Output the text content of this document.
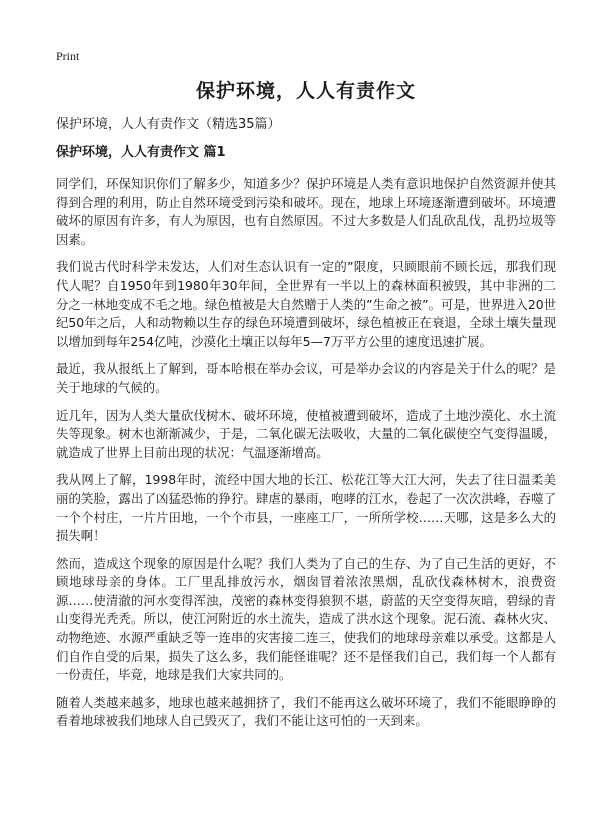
Print
保护环境，人人有责作文
保护环境，人人有责作文（精选35篇）
保护环境，人人有责作文 篇1

同学们，环保知识你们了解多少，知道多少？保护环境是人类有意识地保护自然资源并使其得到合理的利用，防止自然环境受到污染和破坏。现在，地球上环境逐渐遭到破坏。环境遭破坏的原因有许多，有人为原因，也有自然原因。不过大多数是人们乱砍乱伐，乱扔垃圾等因素。

我们说古代时科学未发达，人们对生态认识有一定的”限度，只顾眼前不顾长远，那我们现代人呢？自1950年到1980年30年间，全世界有一半以上的森林面积被毁，其中非洲的二分之一林地变成不毛之地。绿色植被是大自然赠于人类的”生命之被”。可是，世界进入20世纪50年之后，人和动物赖以生存的绿色环境遭到破坏，绿色植被正在衰退，全球土壤失量现以增加到每年254亿吨，沙漠化土壤正以每年5—7万平方公里的速度迅速扩展。

最近，我从报纸上了解到，哥本哈根在举办会议，可是举办会议的内容是关于什么的呢？是关于地球的气候的。

近几年，因为人类大量砍伐树木、破坏环境，使植被遭到破坏，造成了土地沙漠化、水土流失等现象。树木也渐渐减少，于是，二氧化碳无法吸收，大量的二氧化碳使空气变得温暖，就造成了世界上目前出现的状况：气温逐渐增高。

我从网上了解，1998年时，流经中国大地的长江、松花江等大江大河，失去了往日温柔美丽的笑脸，露出了凶猛恐怖的狰狞。肆虐的暴雨，咆哮的江水，卷起了一次次洪峰，吞噬了一个个村庄，一片片田地，一个个市县，一座座工厂，一所所学校……天哪，这是多么大的损失啊！

然而，造成这个现象的原因是什么呢？我们人类为了自己的生存、为了自己生活的更好，不顾地球母亲的身体。工厂里乱排放污水，烟囱冒着浓浓黑烟，乱砍伐森林树木，浪费资源……使清澈的河水变得浑浊，茂密的森林变得狼狈不堪，蔚蓝的天空变得灰暗，碧绿的青山变得光秃秃。所以，使江河附近的水土流失，造成了洪水这个现象。泥石流、森林火灾、动物绝迹、水源严重缺乏等一连串的灾害接二连三，使我们的地球母亲难以承受。这都是人们自作自受的后果，损失了这么多，我们能怪谁呢？还不是怪我们自己，我们每一个人都有一份责任，毕竟，地球是我们大家共同的。

随着人类越来越多，地球也越来越拥挤了，我们不能再这么破坏环境了，我们不能眼睁睁的看着地球被我们地球人自己毁灭了，我们不能让这可怕的一天到来。
